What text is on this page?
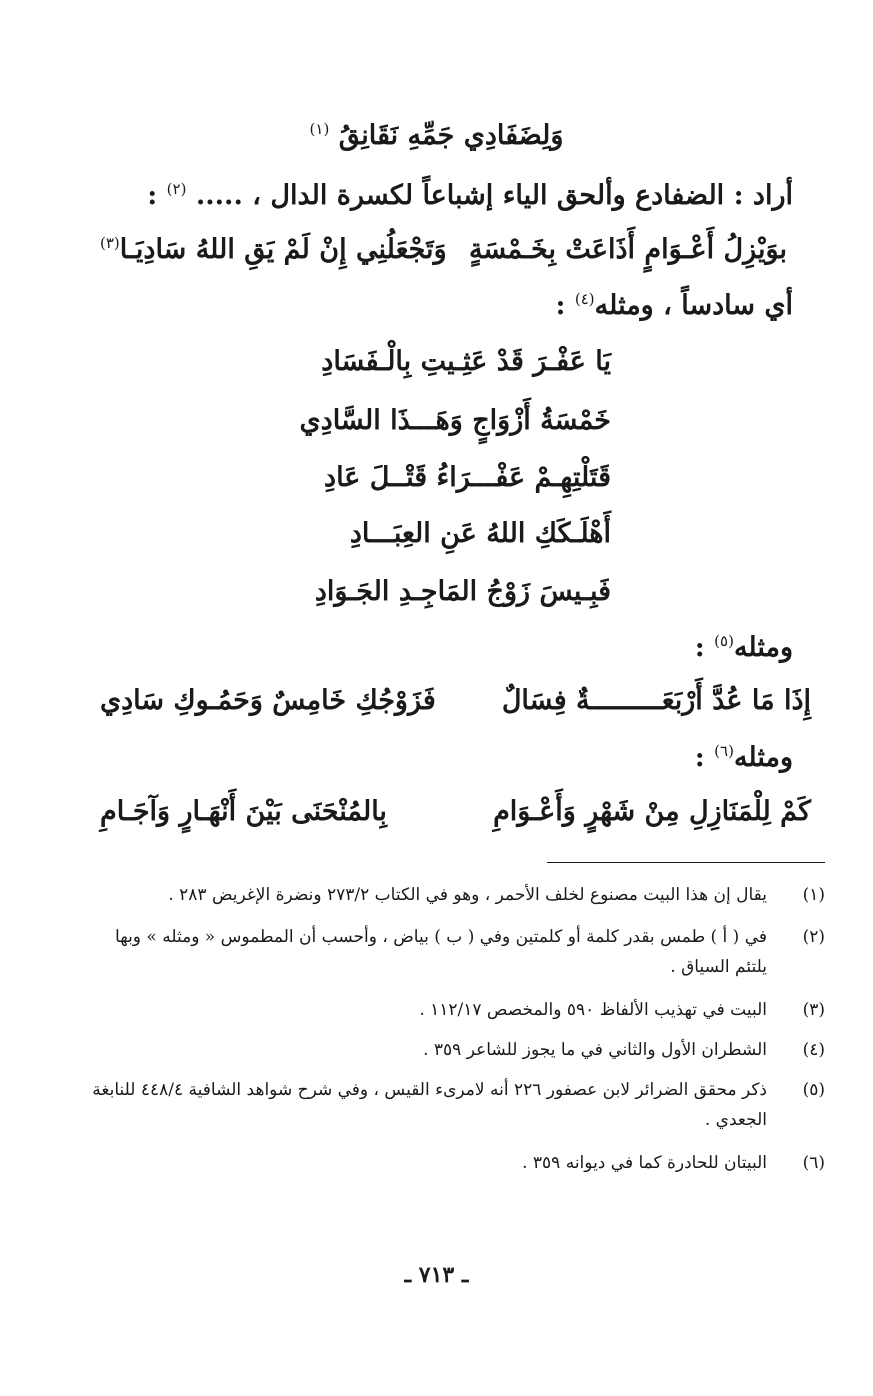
وَلِضَفَادِي جَمِّهِ نَقَانِقُ $^{(١)}$
أراد : الضفادع وألحق الياء إشباعاً لكسرة الدال ، ..... $^{(٢)}$ :
بوَيْزِلُ أَعْـوَامٍ أَذَاعَتْ بِخَـمْسَةٍ
وَتَجْعَلُنِي إِنْ لَمْ يَقِ اللهُ سَادِيَـا$^{(٣)}$
أي سادساً ، ومثله$^{(٤)}$ :
يَا عَفْـرَ قَدْ عَثِـيتِ بِالْـفَسَادِ
خَمْسَةُ أَزْوَاجٍ وَهَـــذَا السَّادِي
قَتَلْتِهِـمْ عَفْـــرَاءُ قَتْــلَ عَادِ
أَهْلَـكَكِ اللهُ عَنِ العِبَـــادِ
فَبِـيسَ زَوْجُ المَاجِـدِ الجَـوَادِ
ومثله$^{(٥)}$ :
إِذَا مَا عُدَّ أَرْبَعَـــــــــةٌ فِسَالٌ
فَزَوْجُكِ خَامِسٌ وَحَمُـوكِ سَادِي
ومثله$^{(٦)}$ :
كَمْ لِلْمَنَازِلِ مِنْ شَهْرٍ وَأَعْـوَامِ
بِالمُنْحَنَى بَيْنَ أَنْهَـارٍ وَآجَـامِ
(١)
يقال إن هذا البيت مصنوع لخلف الأحمر ، وهو في الكتاب ٢٧٣/٢ ونضرة الإغريض ٢٨٣ .
(٢)
في ( أ ) طمس بقدر كلمة أو كلمتين وفي ( ب ) بياض ، وأحسب أن المطموس « ومثله » وبها يلتئم السياق .
(٣)
البيت في تهذيب الألفاظ ٥٩٠ والمخصص ١١٢/١٧ .
(٤)
الشطران الأول والثاني في ما يجوز للشاعر ٣٥٩ .
(٥)
ذكر محقق الضرائر لابن عصفور ٢٢٦ أنه لامرىء القيس ، وفي شرح شواهد الشافية ٤٤٨/٤ للنابغة الجعدي .
(٦)
البيتان للحادرة كما في ديوانه ٣٥٩ .
ـ ٧١٣ ـ
